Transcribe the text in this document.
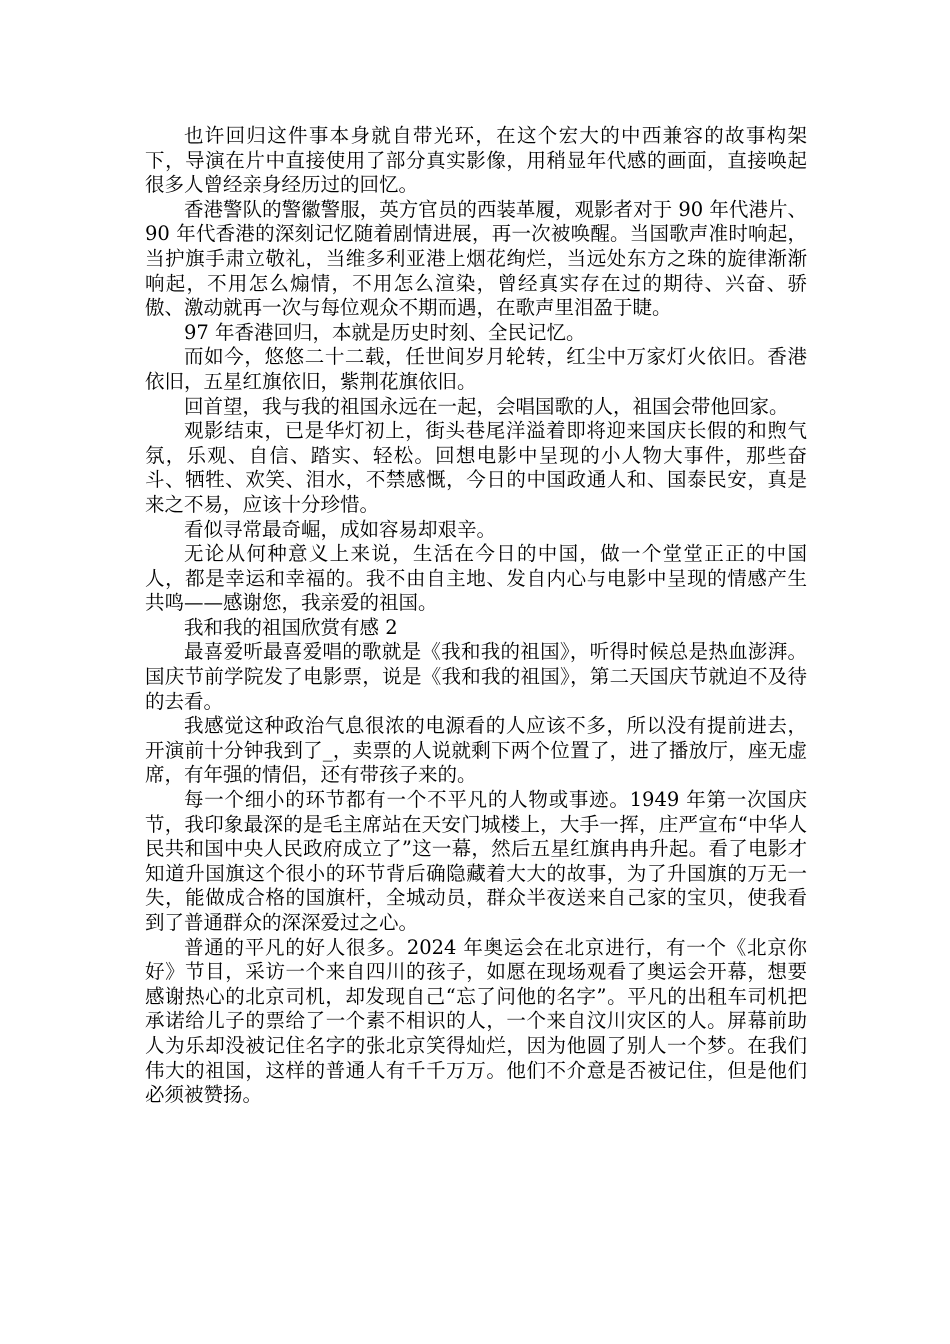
也许回归这件事本身就自带光环，在这个宏大的中西兼容的故事构架下，导演在片中直接使用了部分真实影像，用稍显年代感的画面，直接唤起很多人曾经亲身经历过的回忆。

香港警队的警徽警服，英方官员的西装革履，观影者对于 90 年代港片、90 年代香港的深刻记忆随着剧情进展，再一次被唤醒。当国歌声准时响起，当护旗手肃立敬礼，当维多利亚港上烟花绚烂，当远处东方之珠的旋律渐渐响起，不用怎么煽情，不用怎么渲染，曾经真实存在过的期待、兴奋、骄傲、激动就再一次与每位观众不期而遇，在歌声里泪盈于睫。

97 年香港回归，本就是历史时刻、全民记忆。

而如今，悠悠二十二载，任世间岁月轮转，红尘中万家灯火依旧。香港依旧，五星红旗依旧，紫荆花旗依旧。

回首望，我与我的祖国永远在一起，会唱国歌的人，祖国会带他回家。

观影结束，已是华灯初上，街头巷尾洋溢着即将迎来国庆长假的和煦气氛，乐观、自信、踏实、轻松。回想电影中呈现的小人物大事件，那些奋斗、牺牲、欢笑、泪水，不禁感慨，今日的中国政通人和、国泰民安，真是来之不易，应该十分珍惜。

看似寻常最奇崛，成如容易却艰辛。

无论从何种意义上来说，生活在今日的中国，做一个堂堂正正的中国人，都是幸运和幸福的。我不由自主地、发自内心与电影中呈现的情感产生共鸣——感谢您，我亲爱的祖国。

我和我的祖国欣赏有感 2

最喜爱听最喜爱唱的歌就是《我和我的祖国》，听得时候总是热血澎湃。国庆节前学院发了电影票，说是《我和我的祖国》，第二天国庆节就迫不及待的去看。

我感觉这种政治气息很浓的电源看的人应该不多，所以没有提前进去，开演前十分钟我到了_，卖票的人说就剩下两个位置了，进了播放厅，座无虚席，有年强的情侣，还有带孩子来的。

每一个细小的环节都有一个不平凡的人物或事迹。1949 年第一次国庆节，我印象最深的是毛主席站在天安门城楼上，大手一挥，庄严宣布“中华人民共和国中央人民政府成立了”这一幕，然后五星红旗冉冉升起。看了电影才知道升国旗这个很小的环节背后确隐藏着大大的故事，为了升国旗的万无一失，能做成合格的国旗杆，全城动员，群众半夜送来自己家的宝贝，使我看到了普通群众的深深爱过之心。

普通的平凡的好人很多。2024 年奥运会在北京进行，有一个《北京你好》节目，采访一个来自四川的孩子，如愿在现场观看了奥运会开幕，想要感谢热心的北京司机，却发现自己“忘了问他的名字”。平凡的出租车司机把承诺给儿子的票给了一个素不相识的人，一个来自汶川灾区的人。屏幕前助人为乐却没被记住名字的张北京笑得灿烂，因为他圆了别人一个梦。在我们伟大的祖国，这样的普通人有千千万万。他们不介意是否被记住，但是他们必须被赞扬。
